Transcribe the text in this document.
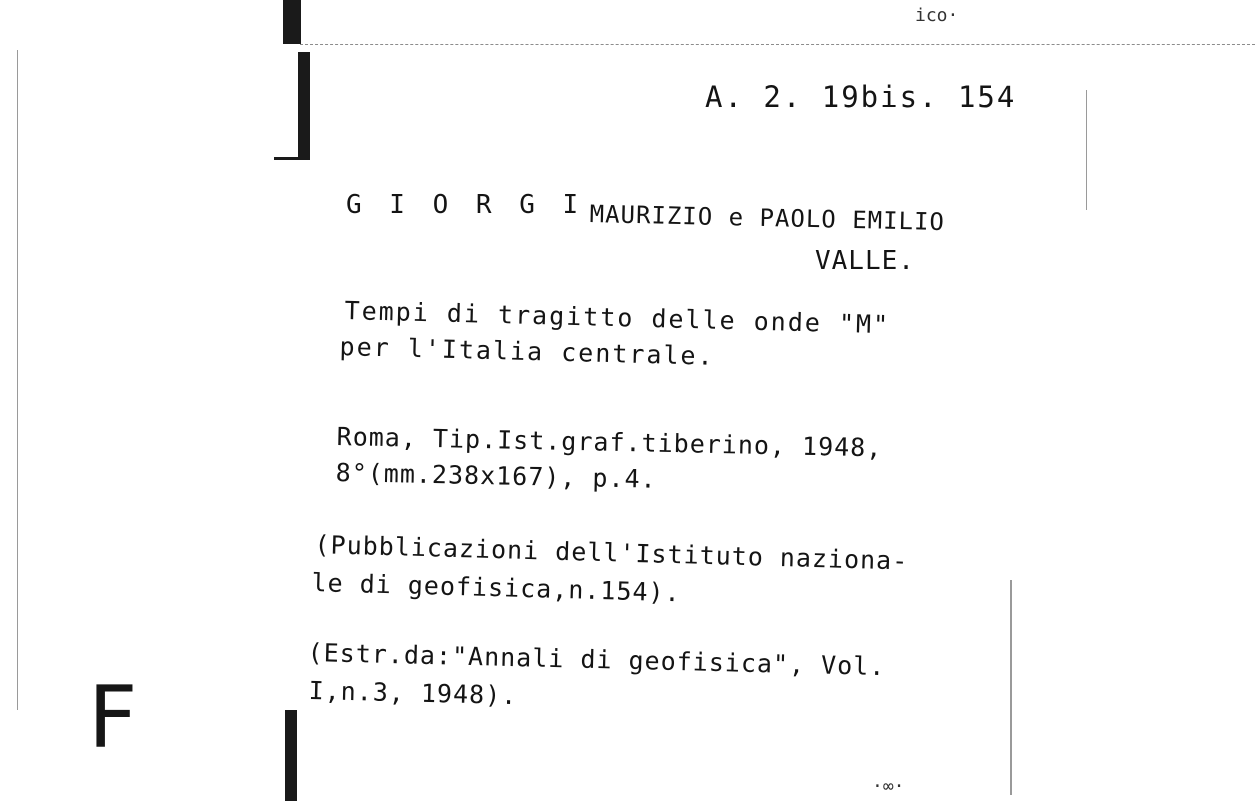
ico·
A. 2. 19bis. 154
G I O R G I MAURIZIO e PAOLO EMILIO
VALLE.
Tempi di tragitto delle onde "M"
per l'Italia centrale.
Roma, Tip.Ist.graf.tiberino, 1948,
8°(mm.238x167), p.4.
(Pubblicazioni dell'Istituto naziona-
le di geofisica,n.154).
(Estr.da:"Annali di geofisica", Vol.
I,n.3, 1948).
F
·∞·
